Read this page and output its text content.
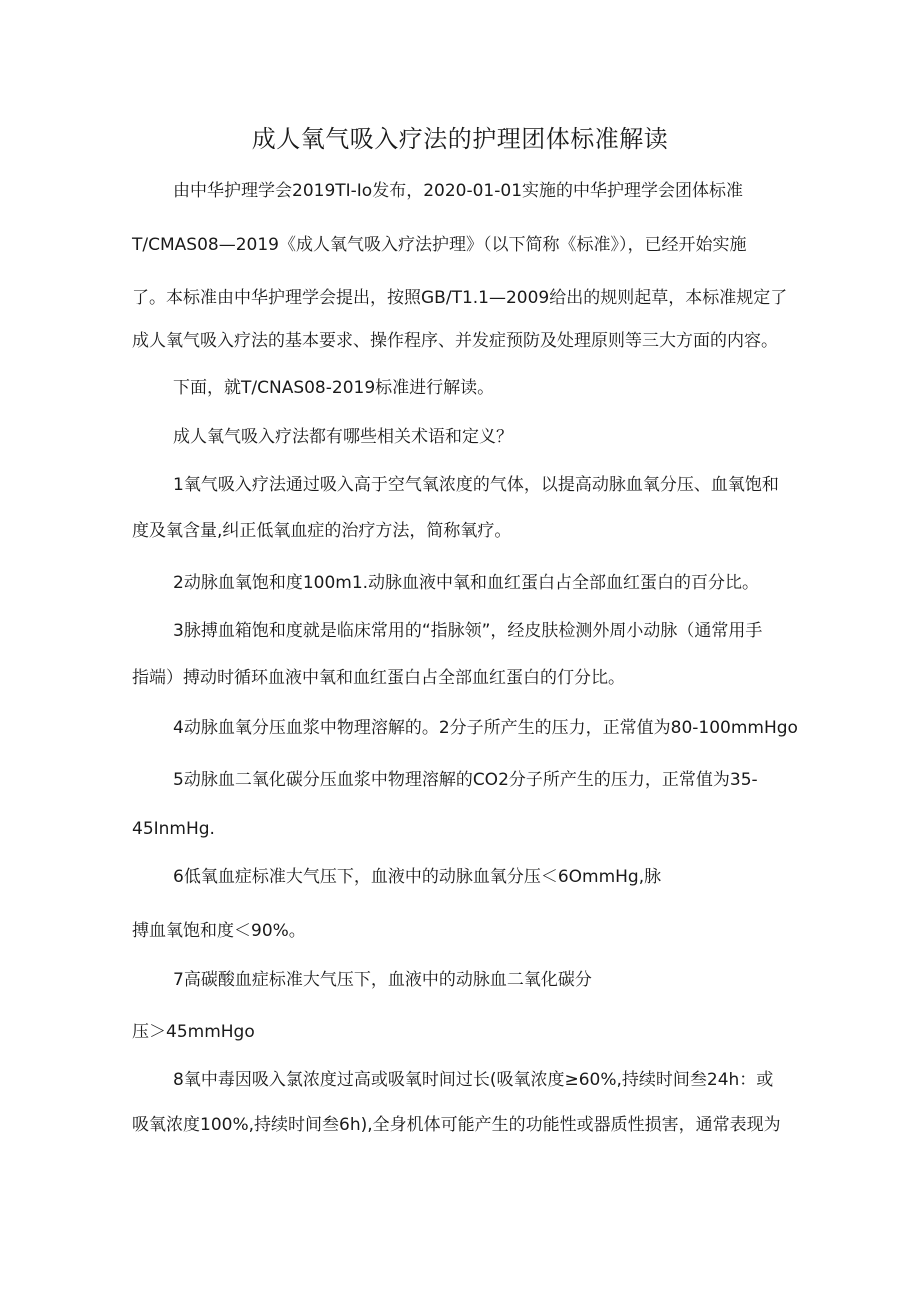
成人氧气吸入疗法的护理团体标准解读

由中华护理学会2019TI-Io发布，2020-01-01实施的中华护理学会团体标准

T/CMAS08—2019《成人氧气吸入疗法护理》（以下简称《标准》），已经开始实施

了。本标准由中华护理学会提出，按照GB/T1.1—2009给出的规则起草，本标准规定了

成人氧气吸入疗法的基本要求、操作程序、并发症预防及处理原则等三大方面的内容。

下面，就T/CNAS08-2019标准进行解读。

成人氧气吸入疗法都有哪些相关术语和定义？

1氧气吸入疗法通过吸入高于空气氧浓度的气体，以提高动脉血氧分压、血氧饱和

度及氧含量,纠正低氧血症的治疗方法，简称氧疗。

2动脉血氧饱和度100m1.动脉血液中氧和血红蛋白占全部血红蛋白的百分比。

3脉搏血箱饱和度就是临床常用的“指脉领”，经皮肤检测外周小动脉（通常用手

指端）搏动时循环血液中氧和血红蛋白占全部血红蛋白的仃分比。

4动脉血氧分压血浆中物理溶解的。2分子所产生的压力，正常值为80-100mmHgo

5动脉血二氧化碳分压血浆中物理溶解的CO2分子所产生的压力，正常值为35-

45InmHg.

6低氧血症标准大气压下，血液中的动脉血氧分压＜6OmmHg,脉

搏血氧饱和度＜90%。

7高碳酸血症标准大气压下，血液中的动脉血二氧化碳分

压＞45mmHgo

8氧中毒因吸入氯浓度过高或吸氧时间过长(吸氧浓度≥60%,持续时间叁24h：或

吸氧浓度100%,持续时间叁6h),全身机体可能产生的功能性或器质性损害，通常表现为
